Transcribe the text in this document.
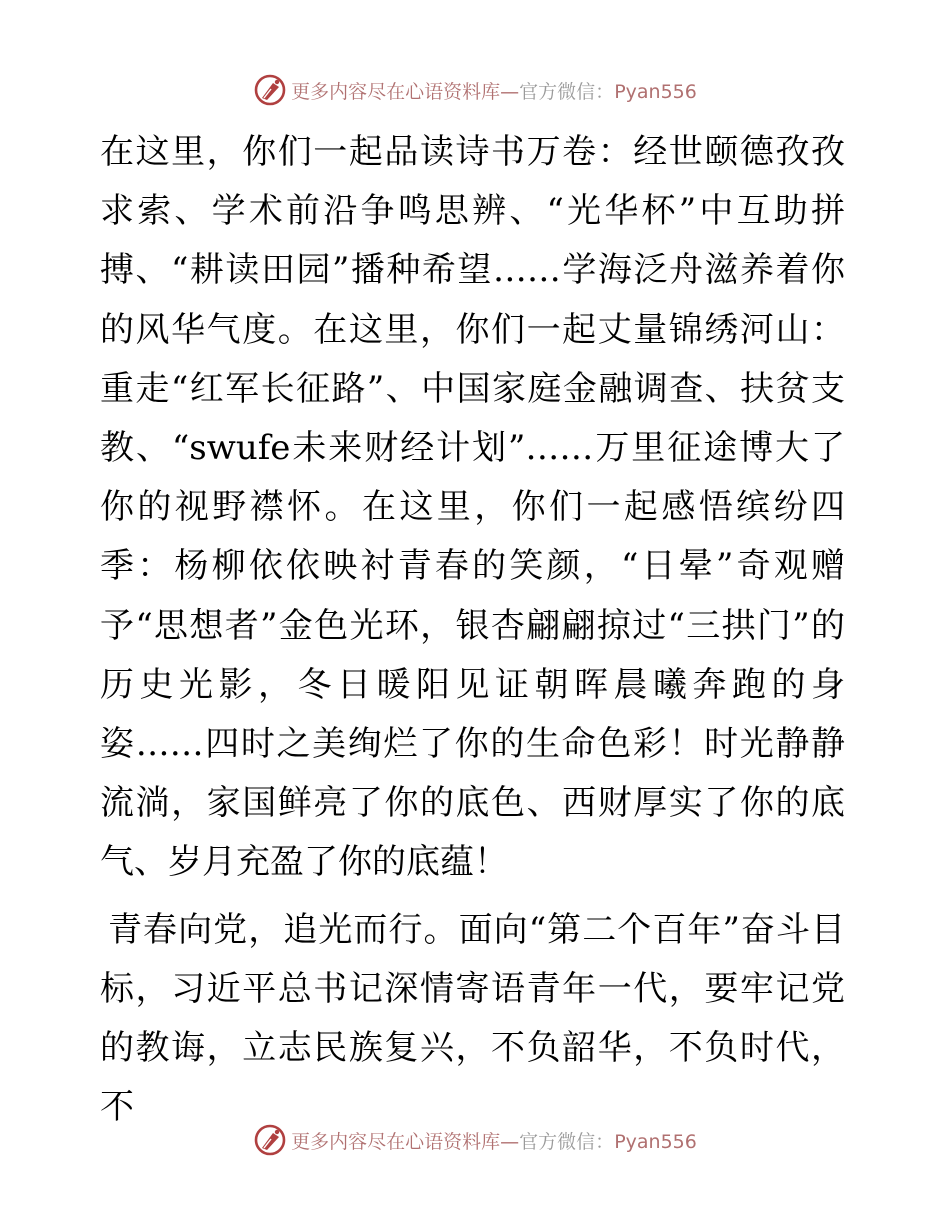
更多内容尽在心语资料库—官方微信：Pyan556

在这里，你们一起品读诗书万卷：经世颐德孜孜求索、学术前沿争鸣思辨、“光华杯”中互助拼搏、“耕读田园”播种希望……学海泛舟滋养着你的风华气度。在这里，你们一起丈量锦绣河山：重走“红军长征路”、中国家庭金融调查、扶贫支教、“swufe未来财经计划”……万里征途博大了你的视野襟怀。在这里，你们一起感悟缤纷四季：杨柳依依映衬青春的笑颜，“日晕”奇观赠予“思想者”金色光环，银杏翩翩掠过“三拱门”的历史光影，冬日暖阳见证朝晖晨曦奔跑的身姿……四时之美绚烂了你的生命色彩！时光静静流淌，家国鲜亮了你的底色、西财厚实了你的底气、岁月充盈了你的底蕴！

青春向党，追光而行。面向“第二个百年”奋斗目标，习近平总书记深情寄语青年一代，要牢记党的教诲，立志民族复兴，不负韶华，不负时代，不

更多内容尽在心语资料库—官方微信：Pyan556
